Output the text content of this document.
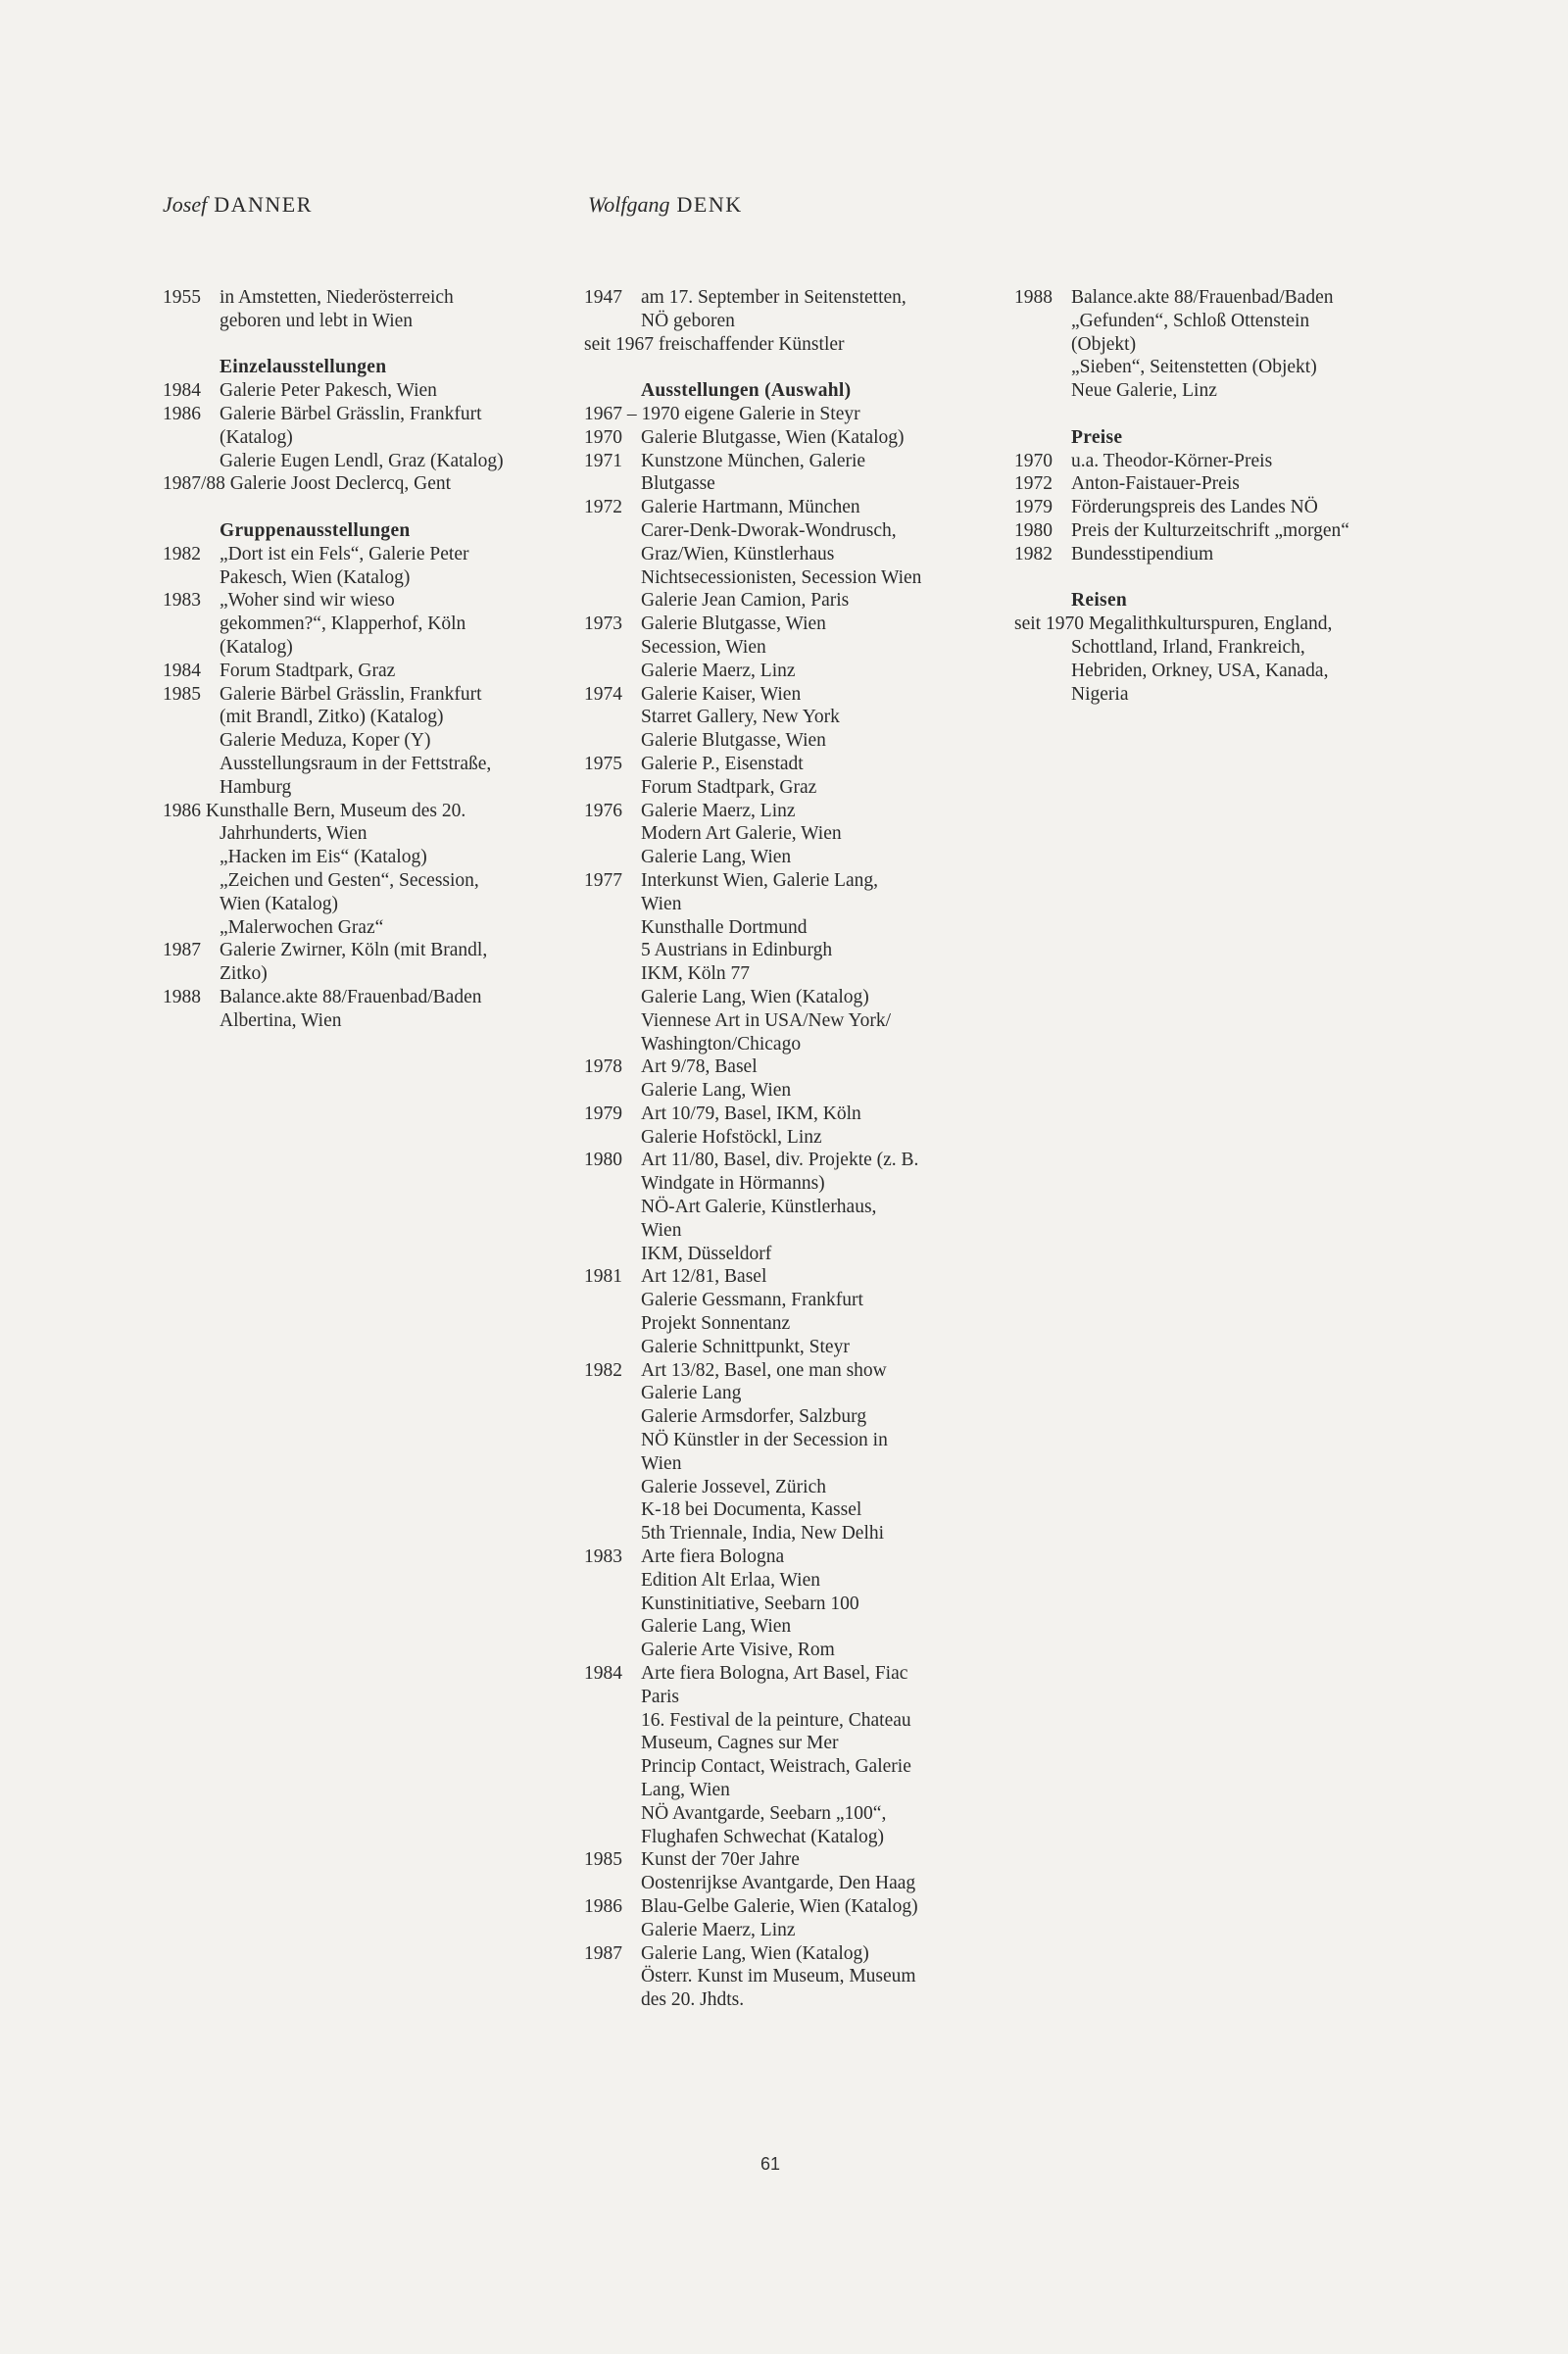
Josef DANNER	Wolfgang DENK
1955 in Amstetten, Niederösterreich
geboren und lebt in Wien
Einzelausstellungen
1984 Galerie Peter Pakesch, Wien
1986 Galerie Bärbel Grässlin, Frankfurt
(Katalog)
Galerie Eugen Lendl, Graz (Katalog)
1987/88 Galerie Joost Declercq, Gent
Gruppenausstellungen
1982 „Dort ist ein Fels“, Galerie Peter
Pakesch, Wien (Katalog)
1983 „Woher sind wir wieso
gekommen?“, Klapperhof, Köln
(Katalog)
1984 Forum Stadtpark, Graz
1985 Galerie Bärbel Grässlin, Frankfurt
(mit Brandl, Zitko) (Katalog)
Galerie Meduza, Koper (Y)
Ausstellungsraum in der Fettstraße,
Hamburg
1986 Kunsthalle Bern, Museum des 20.
Jahrhunderts, Wien
„Hacken im Eis“ (Katalog)
„Zeichen und Gesten“, Secession,
Wien (Katalog)
„Malerwochen Graz“
1987 Galerie Zwirner, Köln (mit Brandl,
Zitko)
1988 Balance.akte 88/Frauenbad/Baden
Albertina, Wien
1947 am 17. September in Seitenstetten,
NÖ geboren
seit 1967 freischaffender Künstler
Ausstellungen (Auswahl)
1967 – 1970 eigene Galerie in Steyr
1970 Galerie Blutgasse, Wien (Katalog)
1971 Kunstzone München, Galerie
Blutgasse
1972 Galerie Hartmann, München
Carer-Denk-Dworak-Wondrusch,
Graz/Wien, Künstlerhaus
Nichtsecessionisten, Secession Wien
Galerie Jean Camion, Paris
1973 Galerie Blutgasse, Wien
Secession, Wien
Galerie Maerz, Linz
1974 Galerie Kaiser, Wien
Starret Gallery, New York
Galerie Blutgasse, Wien
1975 Galerie P., Eisenstadt
Forum Stadtpark, Graz
1976 Galerie Maerz, Linz
Modern Art Galerie, Wien
Galerie Lang, Wien
1977 Interkunst Wien, Galerie Lang,
Wien
Kunsthalle Dortmund
5 Austrians in Edinburgh
IKM, Köln 77
Galerie Lang, Wien (Katalog)
Viennese Art in USA/New York/
Washington/Chicago
1978 Art 9/78, Basel
Galerie Lang, Wien
1979 Art 10/79, Basel, IKM, Köln
Galerie Hofstöckl, Linz
1980 Art 11/80, Basel, div. Projekte (z. B.
Windgate in Hörmanns)
NÖ-Art Galerie, Künstlerhaus,
Wien
IKM, Düsseldorf
1981 Art 12/81, Basel
Galerie Gessmann, Frankfurt
Projekt Sonnentanz
Galerie Schnittpunkt, Steyr
1982 Art 13/82, Basel, one man show
Galerie Lang
Galerie Armsdorfer, Salzburg
NÖ Künstler in der Secession in
Wien
Galerie Jossevel, Zürich
K-18 bei Documenta, Kassel
5th Triennale, India, New Delhi
1983 Arte fiera Bologna
Edition Alt Erlaa, Wien
Kunstinitiative, Seebarn 100
Galerie Lang, Wien
Galerie Arte Visive, Rom
1984 Arte fiera Bologna, Art Basel, Fiac
Paris
16. Festival de la peinture, Chateau
Museum, Cagnes sur Mer
Princip Contact, Weistrach, Galerie
Lang, Wien
NÖ Avantgarde, Seebarn „100“,
Flughafen Schwechat (Katalog)
1985 Kunst der 70er Jahre
Oostenrijkse Avantgarde, Den Haag
1986 Blau-Gelbe Galerie, Wien (Katalog)
Galerie Maerz, Linz
1987 Galerie Lang, Wien (Katalog)
Österr. Kunst im Museum, Museum
des 20. Jhdts.
1988 Balance.akte 88/Frauenbad/Baden
„Gefunden“, Schloß Ottenstein
(Objekt)
„Sieben“, Seitenstetten (Objekt)
Neue Galerie, Linz
Preise
1970 u.a. Theodor-Körner-Preis
1972 Anton-Faistauer-Preis
1979 Förderungspreis des Landes NÖ
1980 Preis der Kulturzeitschrift „morgen“
1982 Bundesstipendium
Reisen
seit 1970 Megalithkulturspuren, England,
Schottland, Irland, Frankreich,
Hebriden, Orkney, USA, Kanada,
Nigeria
61
